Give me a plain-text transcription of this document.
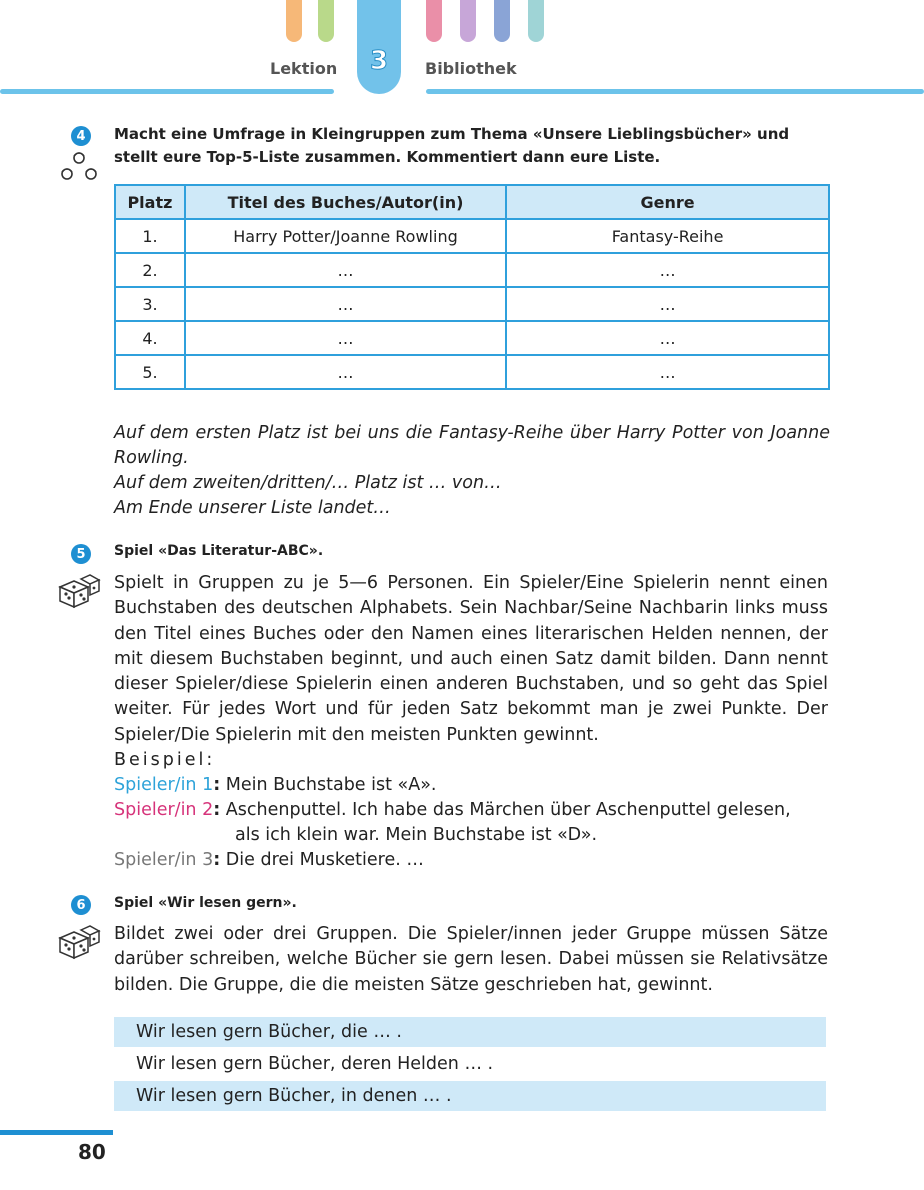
3
Lektion	Bibliothek
4	Macht eine Umfrage in Kleingruppen zum Thema «Unsere Lieblingsbücher» und stellt eure Top-5-Liste zusammen. Kommentiert dann eure Liste.
Platz	Titel des Buches/Autor(in)	Genre
1.	Harry Potter/Joanne Rowling	Fantasy-Reihe
2.	…	…
3.	…	…
4.	…	…
5.	…	…
Auf dem ersten Platz ist bei uns die Fantasy-Reihe über Harry Potter von Joanne Rowling.
Auf dem zweiten/dritten/… Platz ist … von…
Am Ende unserer Liste landet…
5	Spiel «Das Literatur-ABC».
Spielt in Gruppen zu je 5—6 Personen. Ein Spieler/Eine Spielerin nennt einen Buchstaben des deutschen Alphabets. Sein Nachbar/Seine Nachbarin links muss den Titel eines Buches oder den Namen eines literarischen Helden nennen, der mit diesem Buchstaben beginnt, und auch einen Satz damit bilden. Dann nennt dieser Spieler/diese Spielerin einen anderen Buchstaben, und so geht das Spiel weiter. Für jedes Wort und für jeden Satz bekommt man je zwei Punkte. Der Spieler/Die Spielerin mit den meisten Punkten gewinnt.
Beispiel:
Spieler/in 1: Mein Buchstabe ist «A».
Spieler/in 2: Aschenputtel. Ich habe das Märchen über Aschenputtel gelesen,
als ich klein war. Mein Buchstabe ist «D».
Spieler/in 3: Die drei Musketiere. …
6	Spiel «Wir lesen gern».
Bildet zwei oder drei Gruppen. Die Spieler/innen jeder Gruppe müssen Sätze darüber schreiben, welche Bücher sie gern lesen. Dabei müssen sie Relativsätze bilden. Die Gruppe, die die meisten Sätze geschrieben hat, gewinnt.
Wir lesen gern Bücher, die … .
Wir lesen gern Bücher, deren Helden … .
Wir lesen gern Bücher, in denen … .
80
